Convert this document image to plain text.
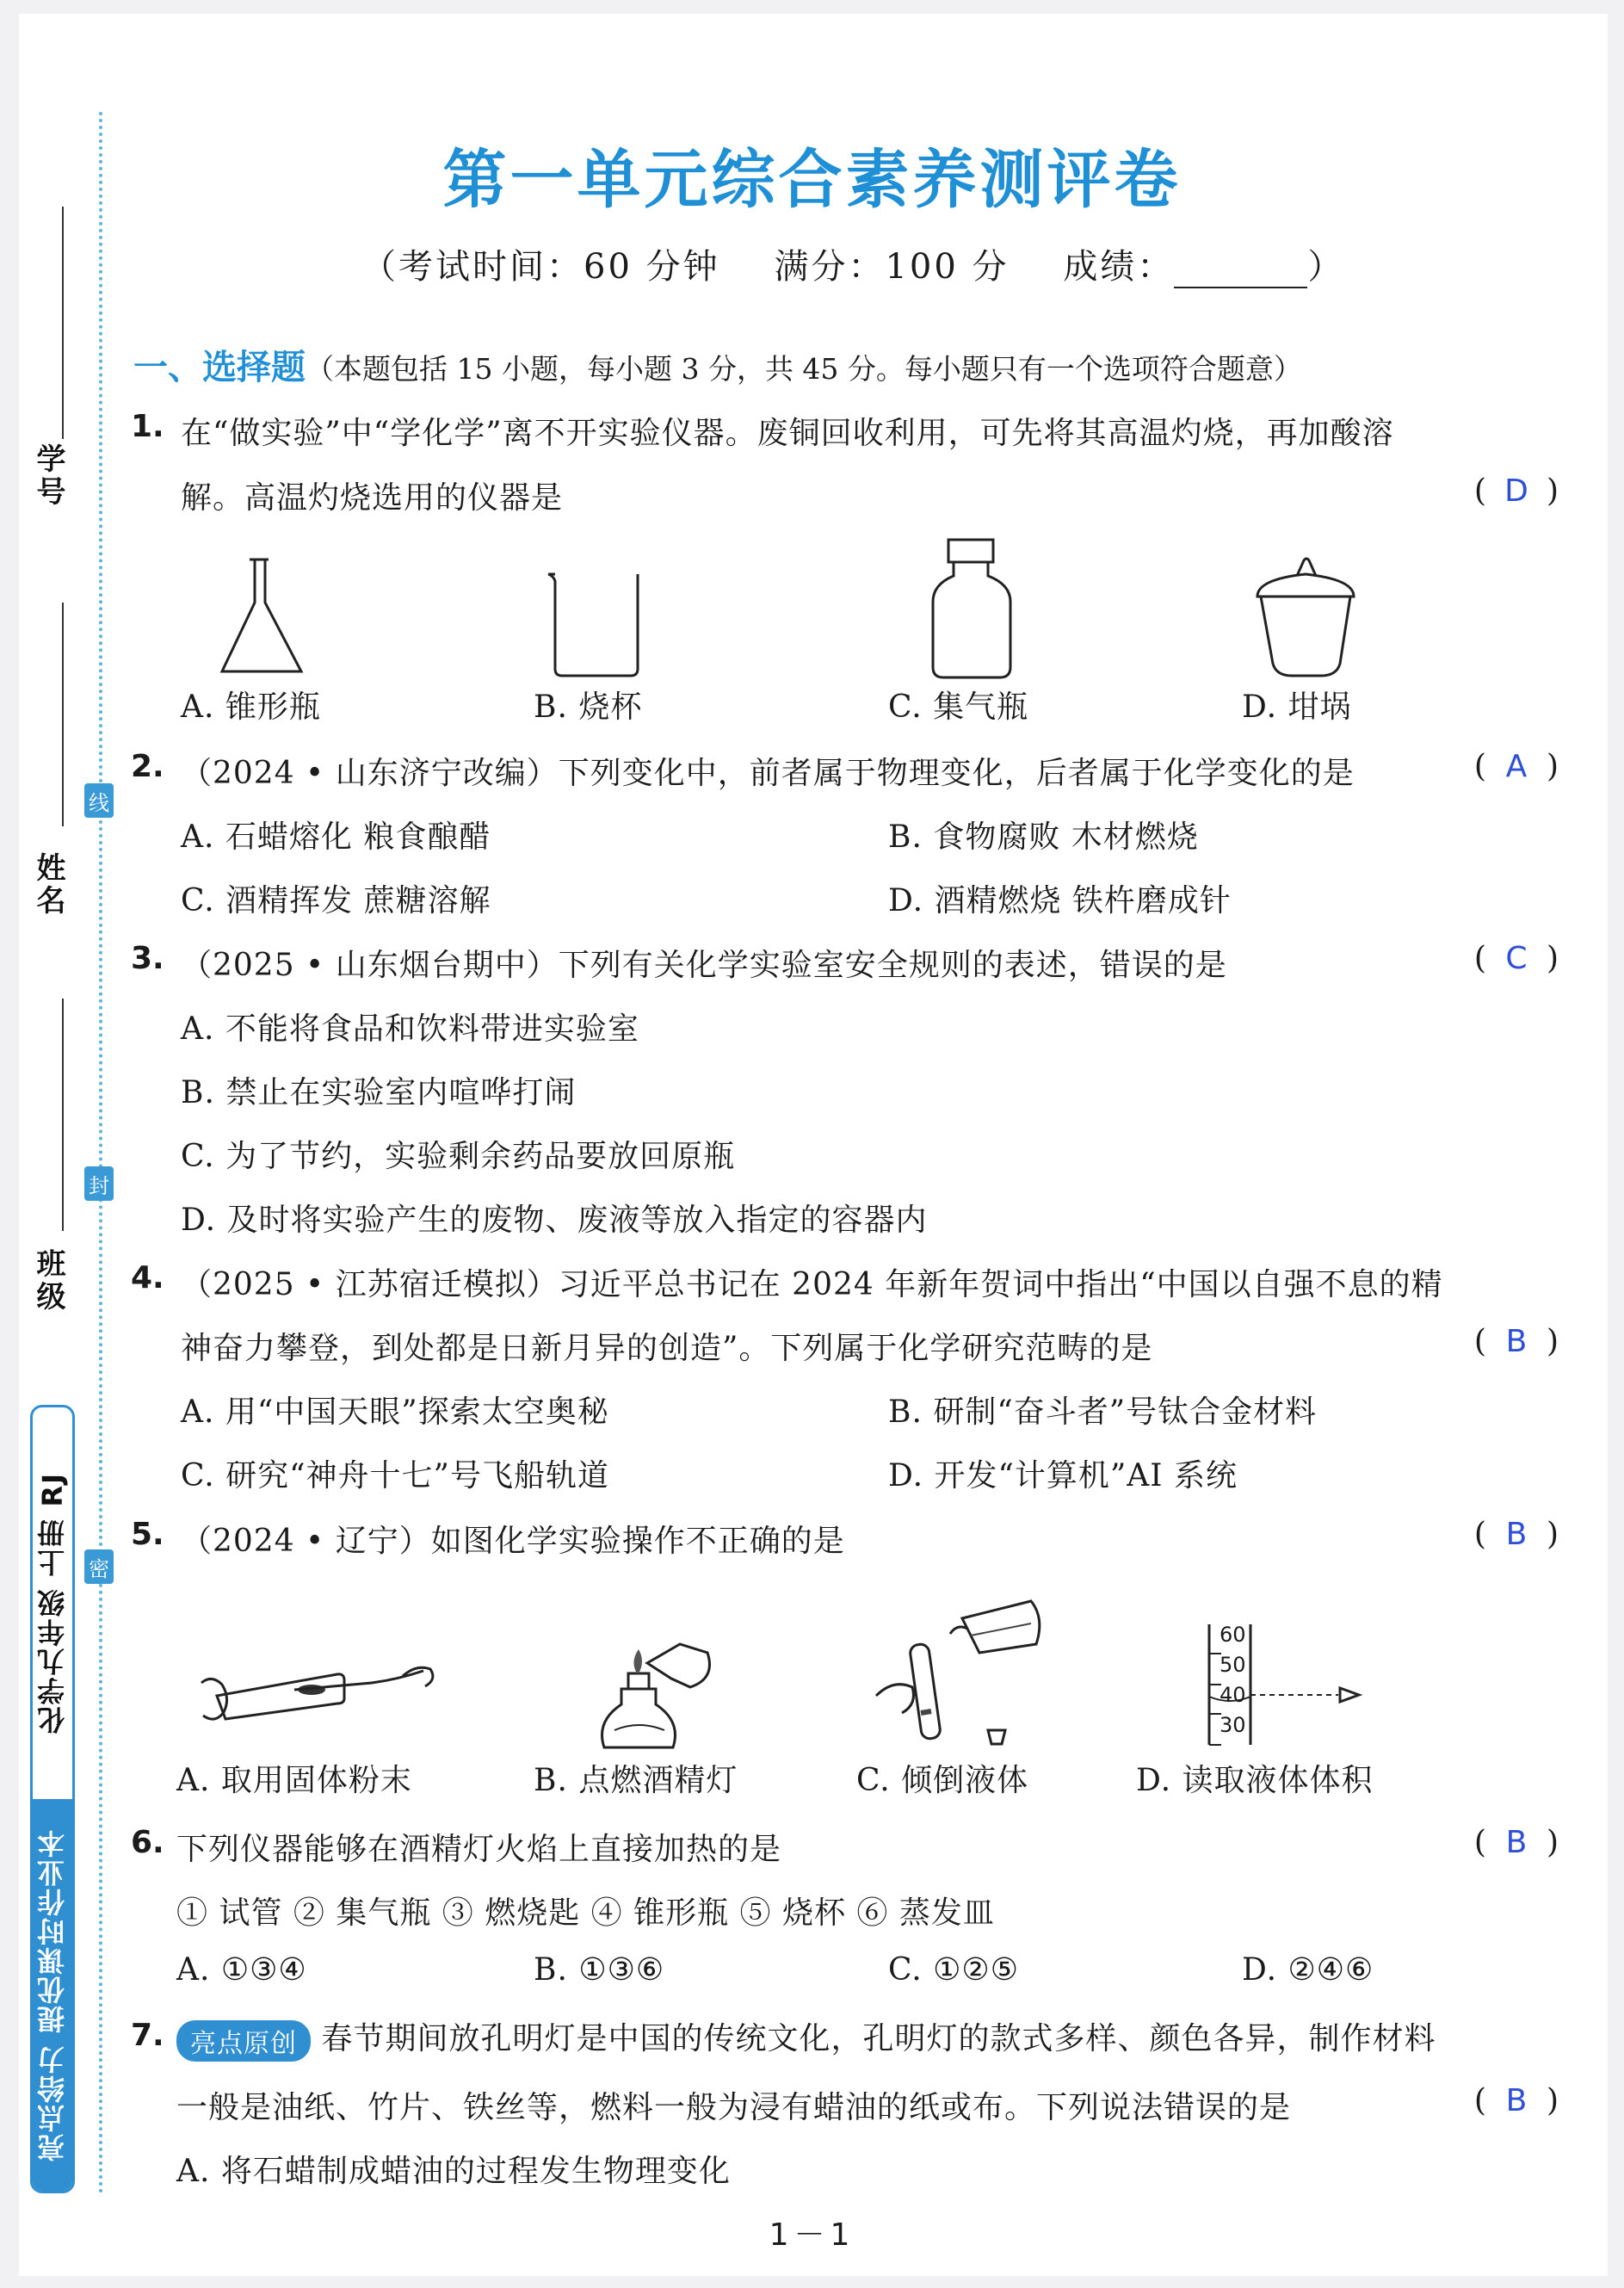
学号
姓名
班级
线
封
密
化学九年级 上册 RJ
亮点给力 提优课时作业本
第一单元综合素养测评卷
（考试时间：60 分钟 满分：100 分 成绩：	）
一、选择题（本题包括 15 小题，每小题 3 分，共 45 分。每小题只有一个选项符合题意）
1. 在“做实验”中“学化学”离不开实验仪器。废铜回收利用，可先将其高温灼烧，再加酸溶
解。高温灼烧选用的仪器是	( D )
A. 锥形瓶	B. 烧杯	C. 集气瓶	D. 坩埚
2. （2024 • 山东济宁改编）下列变化中，前者属于物理变化，后者属于化学变化的是	( A )
A. 石蜡熔化 粮食酿醋	B. 食物腐败 木材燃烧
C. 酒精挥发 蔗糖溶解	D. 酒精燃烧 铁杵磨成针
3. （2025 • 山东烟台期中）下列有关化学实验室安全规则的表述，错误的是	( C )
A. 不能将食品和饮料带进实验室
B. 禁止在实验室内喧哗打闹
C. 为了节约，实验剩余药品要放回原瓶
D. 及时将实验产生的废物、废液等放入指定的容器内
4. （2025 • 江苏宿迁模拟）习近平总书记在 2024 年新年贺词中指出“中国以自强不息的精
神奋力攀登，到处都是日新月异的创造”。下列属于化学研究范畴的是	( B )
A. 用“中国天眼”探索太空奥秘	B. 研制“奋斗者”号钛合金材料
C. 研究“神舟十七”号飞船轨道	D. 开发“计算机”AI 系统
5. （2024 • 辽宁）如图化学实验操作不正确的是	( B )
60
50
40
30
A. 取用固体粉末	B. 点燃酒精灯	C. 倾倒液体	D. 读取液体体积
6. 下列仪器能够在酒精灯火焰上直接加热的是	( B )
① 试管 ② 集气瓶 ③ 燃烧匙 ④ 锥形瓶 ⑤ 烧杯 ⑥ 蒸发皿
A. ①③④	B. ①③⑥	C. ①②⑤	D. ②④⑥
7.	亮点原创 春节期间放孔明灯是中国的传统文化，孔明灯的款式多样、颜色各异，制作材料
一般是油纸、竹片、铁丝等，燃料一般为浸有蜡油的纸或布。下列说法错误的是	( B )
A. 将石蜡制成蜡油的过程发生物理变化
1－1
